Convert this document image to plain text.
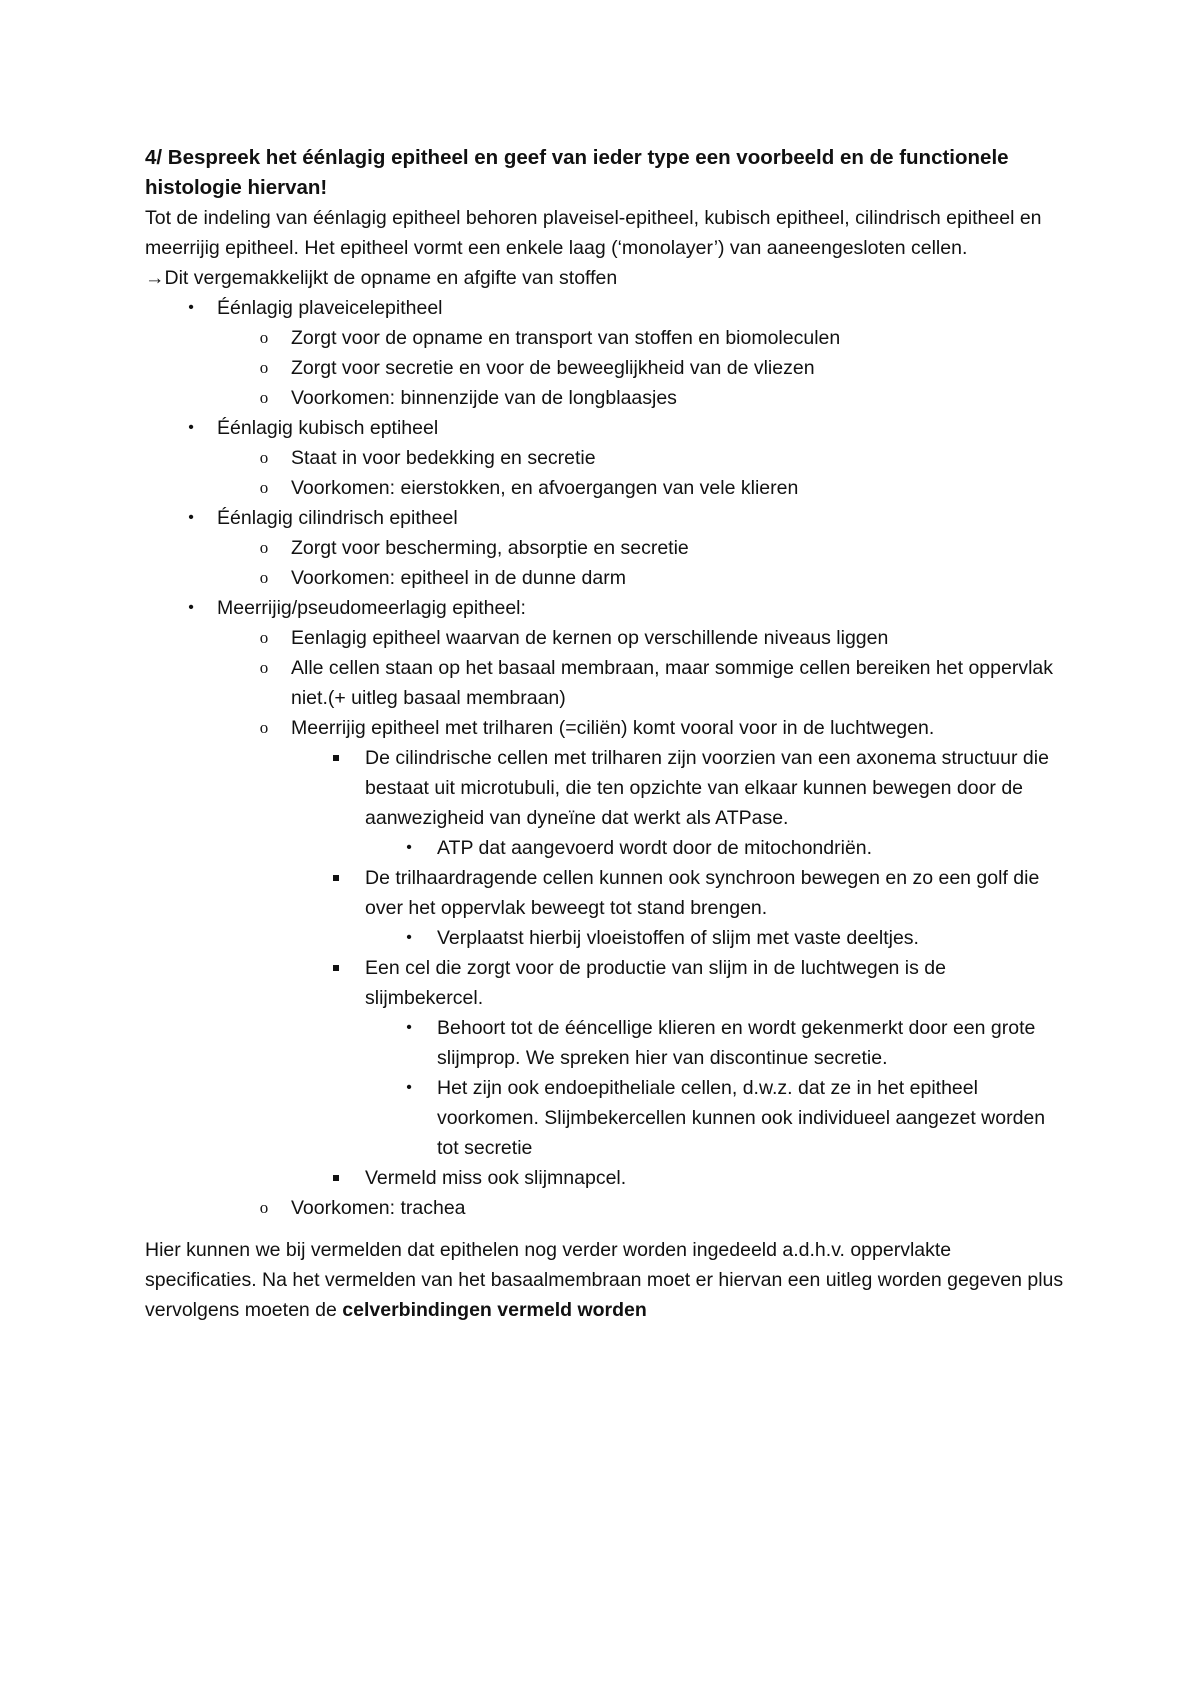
4/ Bespreek het éénlagig epitheel en geef van ieder type een voorbeeld en de functionele histologie hiervan!

Tot de indeling van éénlagig epitheel behoren plaveisel-epitheel, kubisch epitheel, cilindrisch epitheel en meerrijig epitheel. Het epitheel vormt een enkele laag (‘monolayer’) van aaneengesloten cellen.

→Dit vergemakkelijkt de opname en afgifte van stoffen

• Éénlagig plaveicelepitheel
o Zorgt voor de opname en transport van stoffen en biomoleculen
o Zorgt voor secretie en voor de beweeglijkheid van de vliezen
o Voorkomen: binnenzijde van de longblaasjes
• Éénlagig kubisch eptiheel
o Staat in voor bedekking en secretie
o Voorkomen: eierstokken, en afvoergangen van vele klieren
• Éénlagig cilindrisch epitheel
o Zorgt voor bescherming, absorptie en secretie
o Voorkomen: epitheel in de dunne darm
• Meerrijig/pseudomeerlagig epitheel:
o Eenlagig epitheel waarvan de kernen op verschillende niveaus liggen
o Alle cellen staan op het basaal membraan, maar sommige cellen bereiken het oppervlak niet.(+ uitleg basaal membraan)
o Meerrijig epitheel met trilharen (=ciliën) komt vooral voor in de luchtwegen.
De cilindrische cellen met trilharen zijn voorzien van een axonema structuur die bestaat uit microtubuli, die ten opzichte van elkaar kunnen bewegen door de aanwezigheid van dyneïne dat werkt als ATPase.
• ATP dat aangevoerd wordt door de mitochondriën.
De trilhaardragende cellen kunnen ook synchroon bewegen en zo een golf die over het oppervlak beweegt tot stand brengen.
• Verplaatst hierbij vloeistoffen of slijm met vaste deeltjes.
Een cel die zorgt voor de productie van slijm in de luchtwegen is de slijmbekercel.
• Behoort tot de ééncellige klieren en wordt gekenmerkt door een grote slijmprop. We spreken hier van discontinue secretie.
• Het zijn ook endoepitheliale cellen, d.w.z. dat ze in het epitheel voorkomen. Slijmbekercellen kunnen ook individueel aangezet worden tot secretie
Vermeld miss ook slijmnapcel.
o Voorkomen: trachea

Hier kunnen we bij vermelden dat epithelen nog verder worden ingedeeld a.d.h.v. oppervlakte specificaties. Na het vermelden van het basaalmembraan moet er hiervan een uitleg worden gegeven plus vervolgens moeten de celverbindingen vermeld worden
